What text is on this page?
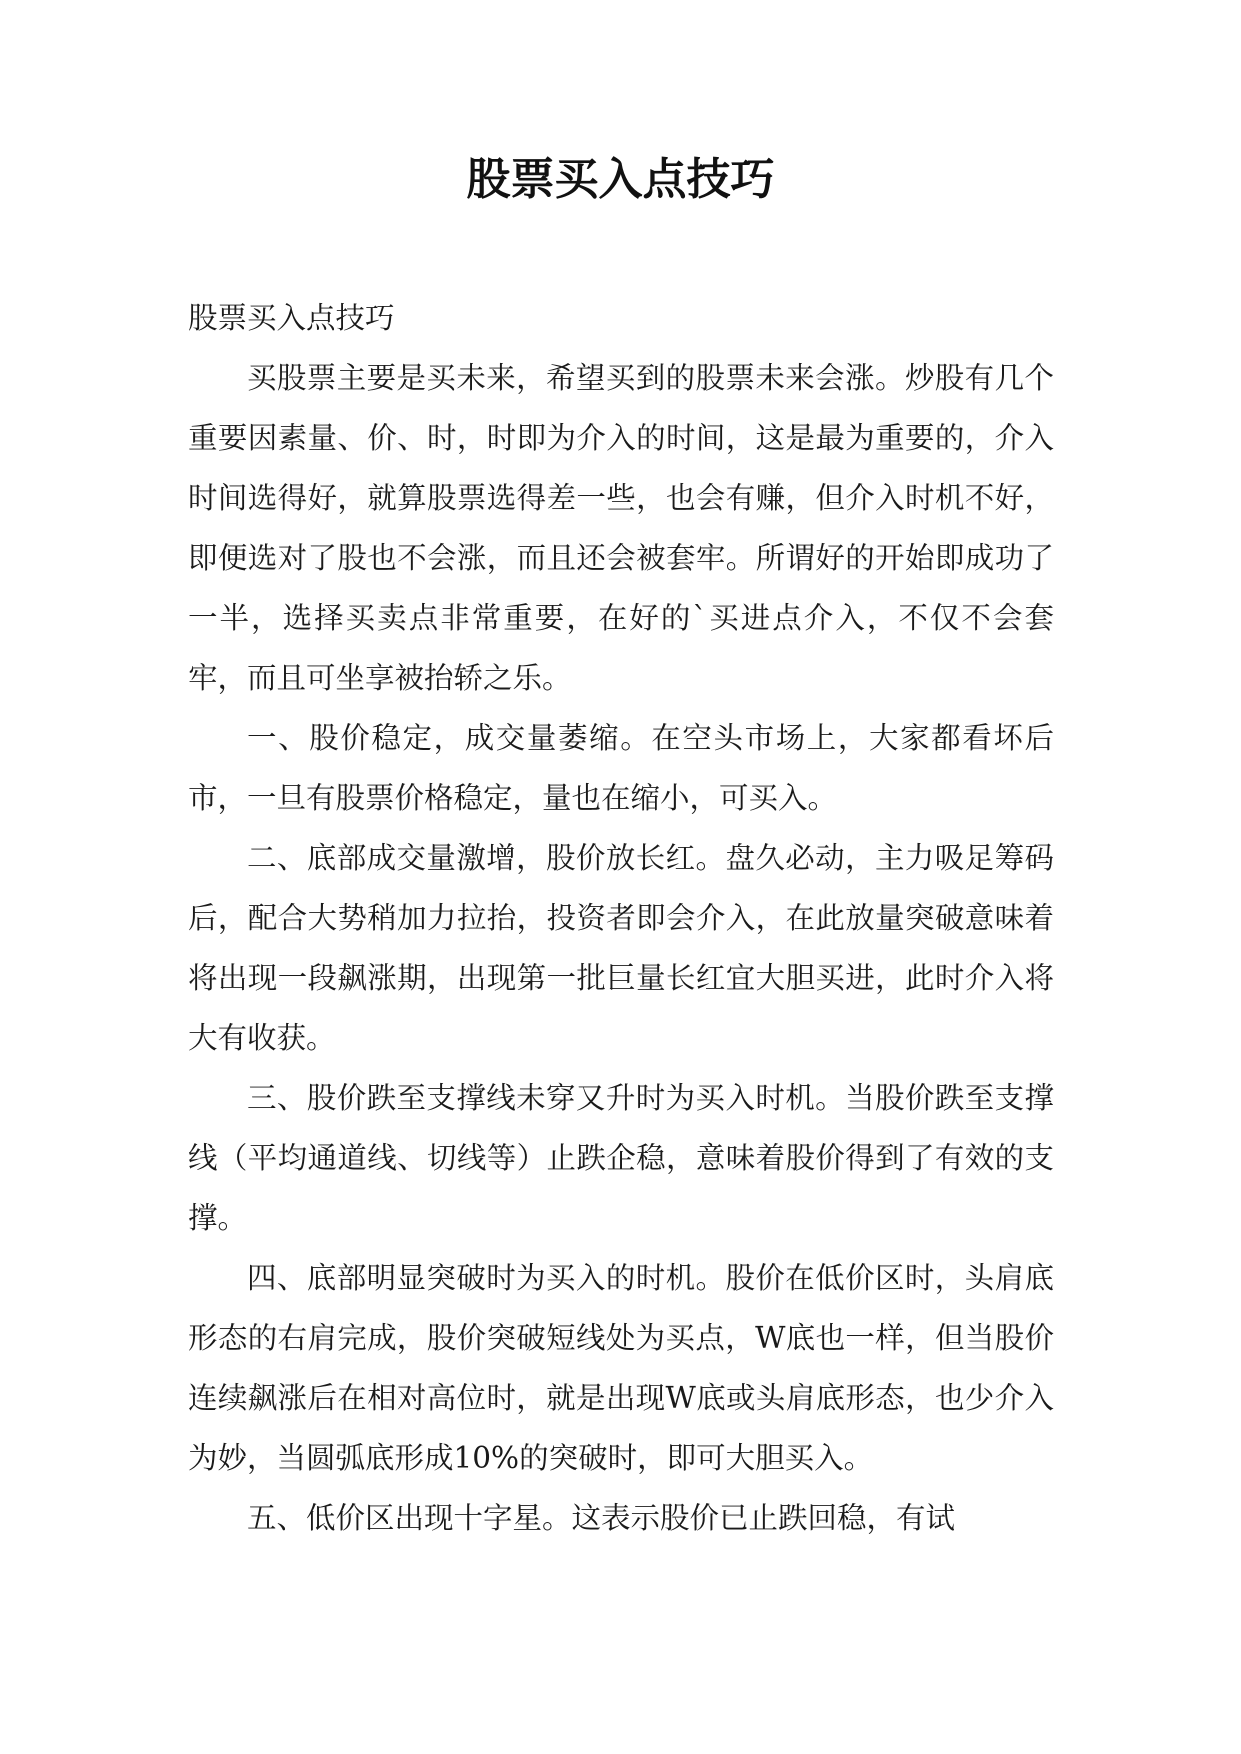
股票买入点技巧

股票买入点技巧

买股票主要是买未来，希望买到的股票未来会涨。炒股有几个重要因素量、价、时，时即为介入的时间，这是最为重要的，介入时间选得好，就算股票选得差一些，也会有赚，但介入时机不好，即便选对了股也不会涨，而且还会被套牢。所谓好的开始即成功了一半，选择买卖点非常重要，在好的`买进点介入，不仅不会套牢，而且可坐享被抬轿之乐。

一、股价稳定，成交量萎缩。在空头市场上，大家都看坏后市，一旦有股票价格稳定，量也在缩小，可买入。

二、底部成交量激增，股价放长红。盘久必动，主力吸足筹码后，配合大势稍加力拉抬，投资者即会介入，在此放量突破意味着将出现一段飙涨期，出现第一批巨量长红宜大胆买进，此时介入将大有收获。

三、股价跌至支撑线未穿又升时为买入时机。当股价跌至支撑线（平均通道线、切线等）止跌企稳，意味着股价得到了有效的支撑。

四、底部明显突破时为买入的时机。股价在低价区时，头肩底形态的右肩完成，股价突破短线处为买点，W底也一样，但当股价连续飙涨后在相对高位时，就是出现W底或头肩底形态，也少介入为妙，当圆弧底形成10%的突破时，即可大胆买入。

五、低价区出现十字星。这表示股价已止跌回稳，有试
